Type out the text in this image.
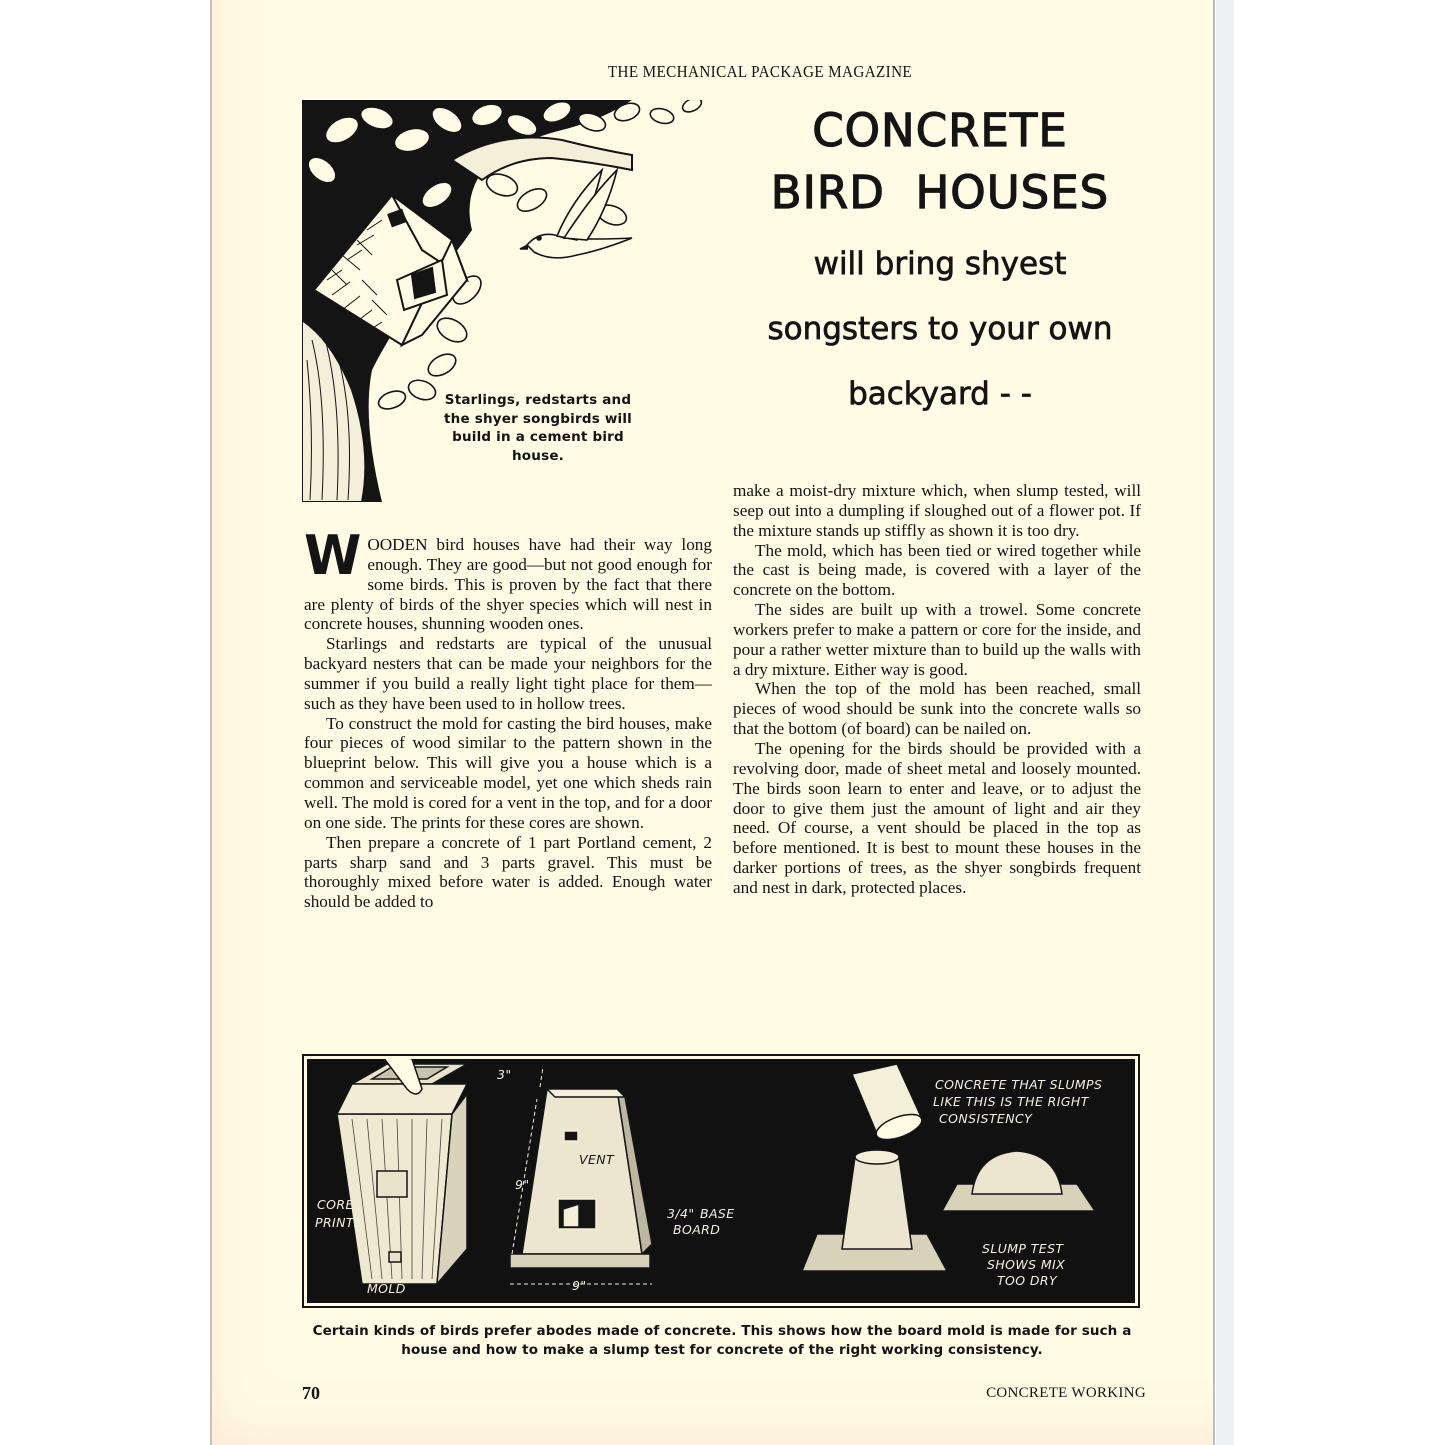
THE MECHANICAL PACKAGE MAGAZINE
Starlings, redstarts and the shyer songbirds will build in a cement bird house.
CONCRETE
BIRD  HOUSES
will bring shyest
songsters to your own
backyard - -

WOODEN bird houses have had their way long enough. They are good—but not good enough for some birds. This is proven by the fact that there are plenty of birds of the shyer species which will nest in concrete houses, shunning wooden ones.

Starlings and redstarts are typical of the unusual backyard nesters that can be made your neighbors for the summer if you build a really light tight place for them—such as they have been used to in hollow trees.

To construct the mold for casting the bird houses, make four pieces of wood similar to the pattern shown in the blueprint below. This will give you a house which is a common and serviceable model, yet one which sheds rain well. The mold is cored for a vent in the top, and for a door on one side. The prints for these cores are shown.

Then prepare a concrete of 1 part Portland cement, 2 parts sharp sand and 3 parts gravel. This must be thoroughly mixed before water is added. Enough water should be added to

make a moist-dry mixture which, when slump tested, will seep out into a dumpling if sloughed out of a flower pot. If the mixture stands up stiffly as shown it is too dry.

The mold, which has been tied or wired together while the cast is being made, is covered with a layer of the concrete on the bottom.

The sides are built up with a trowel. Some concrete workers prefer to make a pattern or core for the inside, and pour a rather wetter mixture than to build up the walls with a dry mixture. Either way is good.

When the top of the mold has been reached, small pieces of wood should be sunk into the concrete walls so that the bottom (of board) can be nailed on.

The opening for the birds should be provided with a revolving door, made of sheet metal and loosely mounted. The birds soon learn to enter and leave, or to adjust the door to give them just the amount of light and air they need. Of course, a vent should be placed in the top as before mentioned. It is best to mount these houses in the darker portions of trees, as the shyer songbirds frequent and nest in dark, protected places.

CORE
PRINTS
MOLD
3"
9"
9"
VENT
3/4" BASE
BOARD
CONCRETE THAT SLUMPS
LIKE THIS IS THE RIGHT
CONSISTENCY
SLUMP TEST
SHOWS MIX
TOO DRY
Certain kinds of birds prefer abodes made of concrete. This shows how the board mold is made for such a house and how to make a slump test for concrete of the right working consistency.
70	CONCRETE WORKING
